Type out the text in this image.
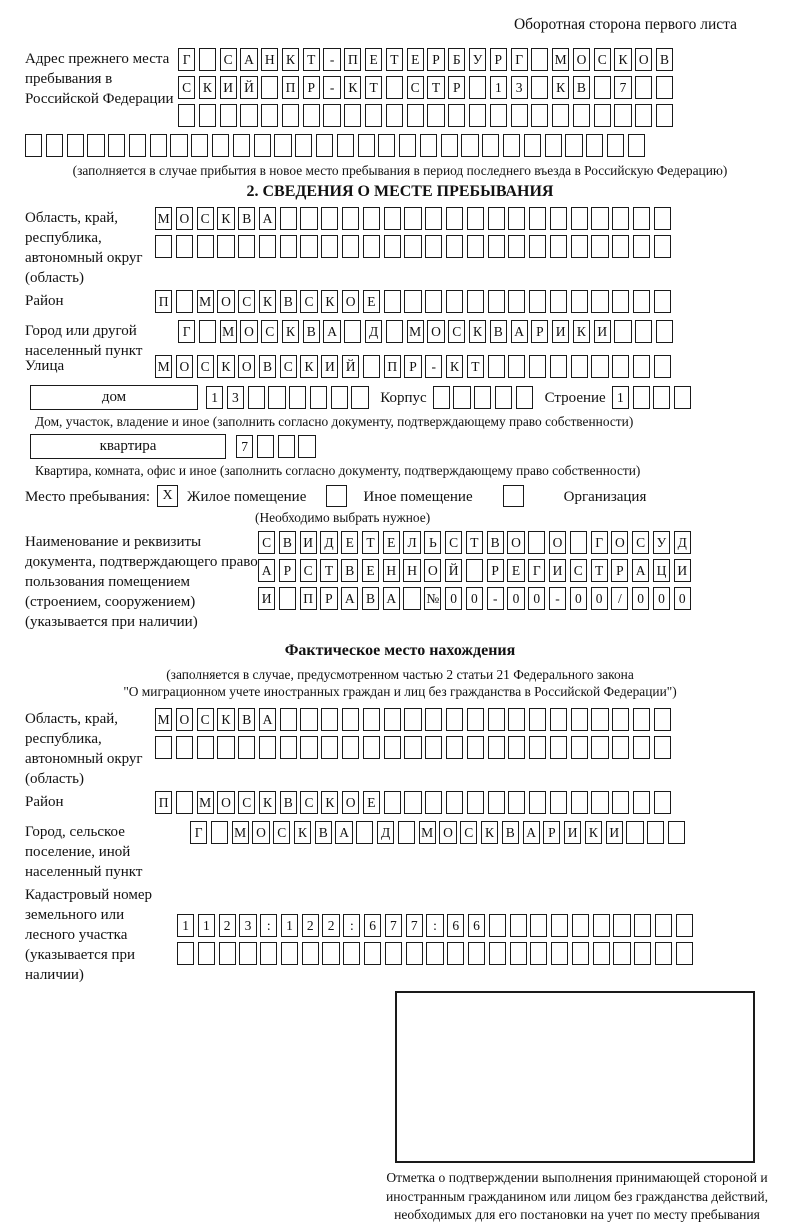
Оборотная сторона первого листа
Адрес прежнего места пребывания в Российской Федерации
Г	С А Н К Т	-	П Е Т Е Р Б У Р Г	М О С К О В
С К И Й П Р	-	К Т	С Т Р	1	3	К В	7
(заполняется в случае прибытия в новое место пребывания в период последнего въезда в Российскую Федерацию)
2. СВЕДЕНИЯ О МЕСТЕ ПРЕБЫВАНИЯ
Область, край, республика, автономный округ (область)
М О С К В А
Район	П М О С К В С К О Е
Город или другой населенный пункт
Г	М О С К В А Д М О С К В А Р И К И
Улица	М О С К О В С К И Й П Р	-	К Т
дом	1	3	Корпус	Строение 1
Дом, участок, владение и иное (заполнить согласно документу, подтверждающему право собственности)
квартира	7
Квартира, комната, офис и иное (заполнить согласно документу, подтверждающему право собственности)
Место пребывания: X Жилое помещение	Иное помещение	Организация
(Необходимо выбрать нужное)
Наименование и реквизиты документа, подтверждающего право пользования помещением (строением, сооружением) (указывается при наличии)
С В И Д Е Т Е Л Ь С Т В О О	Г О С У Д
А Р С Т В Е Н Н О Й	Р Е Г И С Т Р А Ц И
И П Р А В А № 0	0	-	0	0	-	0	0	/	0	0	0
Фактическое место нахождения
(заполняется в случае, предусмотренном частью 2 статьи 21 Федерального закона
"О миграционном учете иностранных граждан и лиц без гражданства в Российской Федерации")
Область, край, республика, автономный округ (область)
М О С К В А
Район	П М О С К В С К О Е
Город, сельское поселение, иной населенный пункт
Г	М О С К В А Д М О С К В А Р И К И
Кадастровый номер земельного или лесного участка (указывается при наличии)
1	1	2	3	:	1	2	2	:	6	7	7	:	6	6
Отметка о подтверждении выполнения принимающей стороной и иностранным гражданином или лицом без гражданства действий, необходимых для его постановки на учет по месту пребывания
